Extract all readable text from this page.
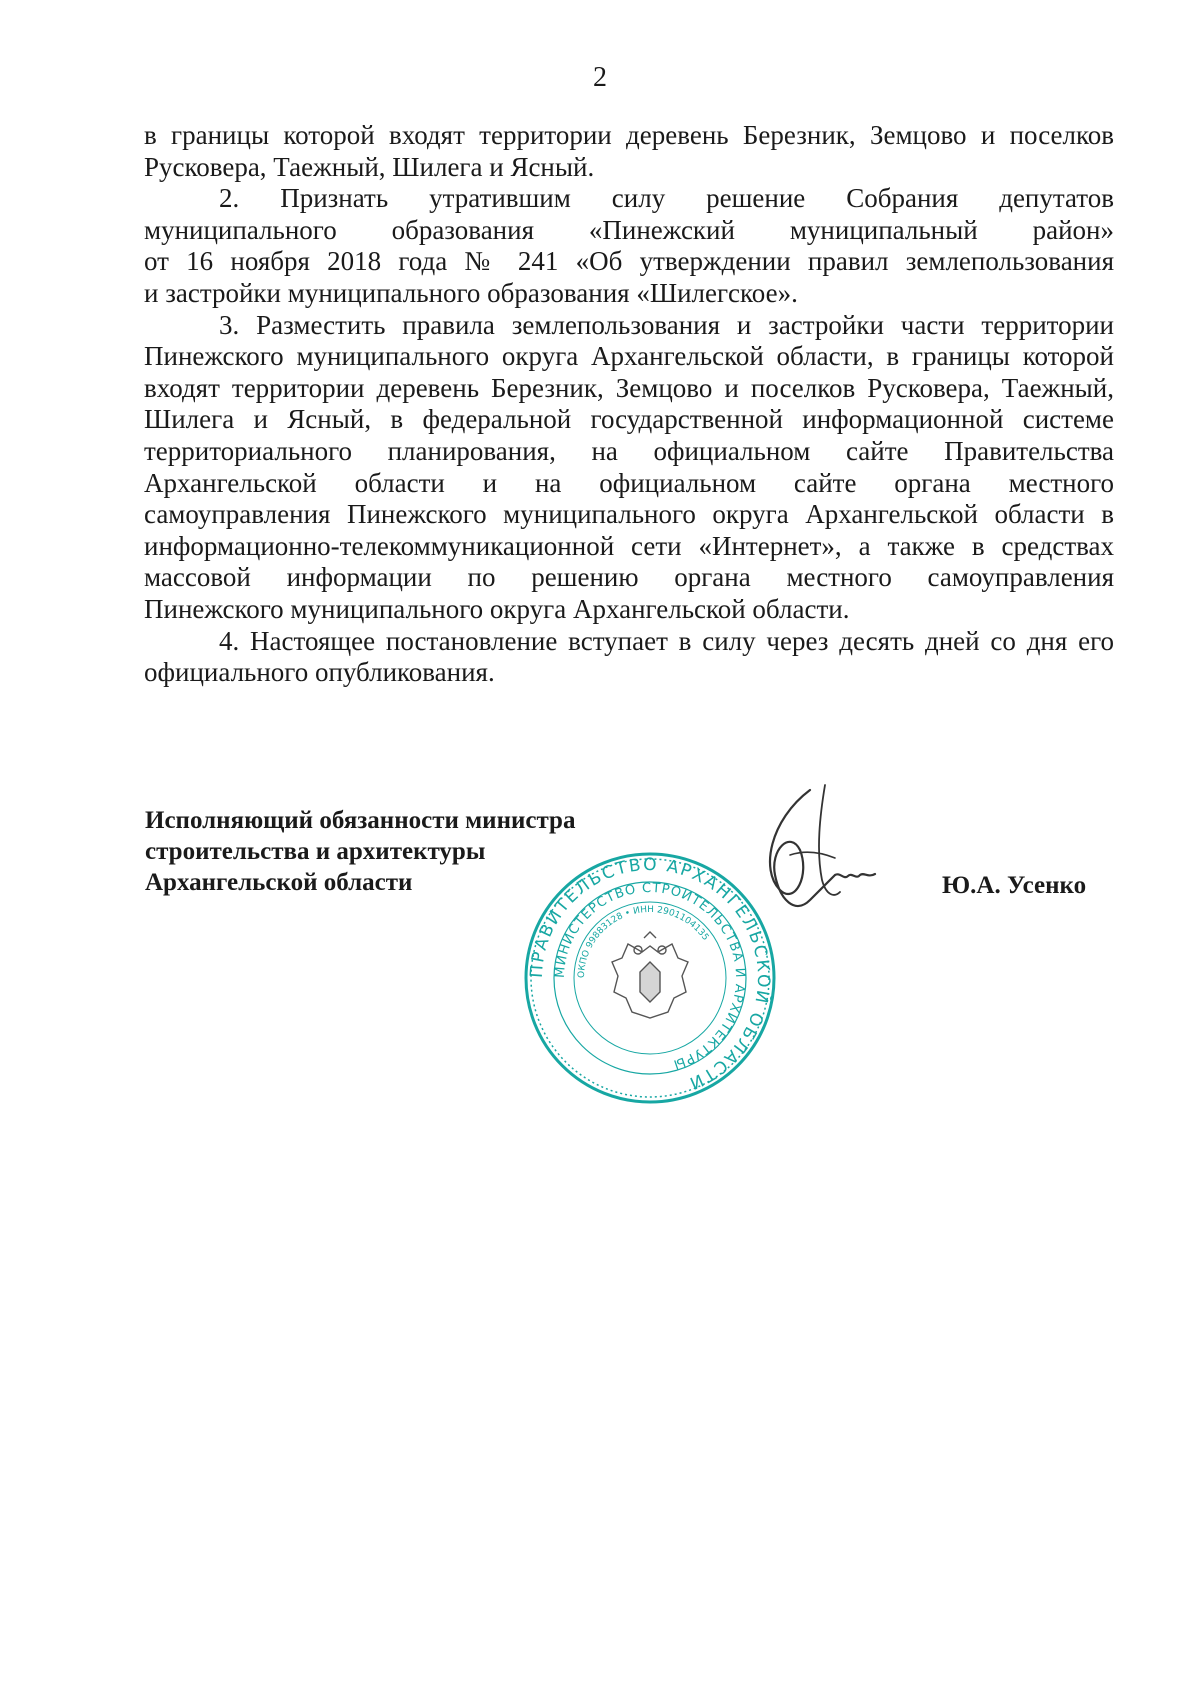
2
в границы которой входят территории деревень Березник, Земцово и поселков
Русковера, Таежный, Шилега и Ясный.
2. Признать утратившим силу решение Собрания депутатов
муниципального образования «Пинежский муниципальный район»
от 16 ноября 2018 года № 241 «Об утверждении правил землепользования
и застройки муниципального образования «Шилегское».
3. Разместить правила землепользования и застройки части территории
Пинежского муниципального округа Архангельской области, в границы которой
входят территории деревень Березник, Земцово и поселков Русковера, Таежный,
Шилега и Ясный, в федеральной государственной информационной системе
территориального планирования, на официальном сайте Правительства
Архангельской области и на официальном сайте органа местного
самоуправления Пинежского муниципального округа Архангельской области в
информационно-телекоммуникационной сети «Интернет», а также в средствах
массовой информации по решению органа местного самоуправления
Пинежского муниципального округа Архангельской области.
4. Настоящее постановление вступает в силу через десять дней со дня его
официального опубликования.
Исполняющий обязанности министра
строительства и архитектуры
Архангельской области
ПРАВИТЕЛЬСТВО АРХАНГЕЛЬСКОЙ ОБЛАСТИ
МИНИСТЕРСТВО СТРОИТЕЛЬСТВА И АРХИТЕКТУРЫ
ОКПО 99883128 • ИНН 2901104135
Ю.А. Усенко
